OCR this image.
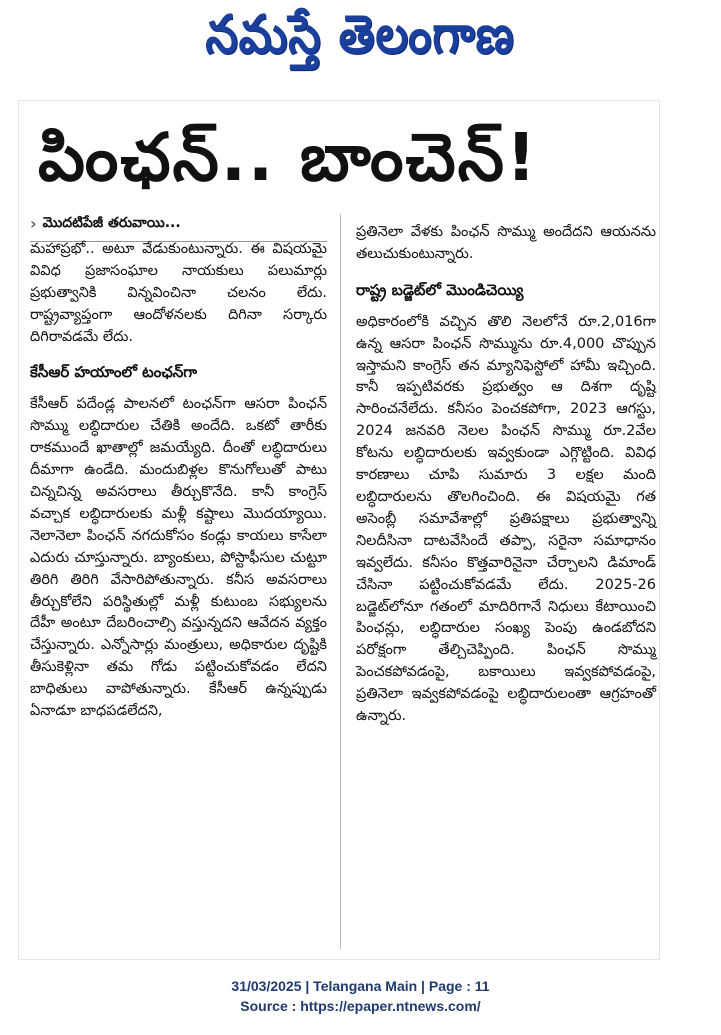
నమస్తే తెలంగాణ
పింఛన్.. బాంచెన్!
› మొదటిపేజీ తరువాయి...

మహాప్రభో.. అటూ వేడుకుంటున్నారు. ఈ విషయమై వివిధ ప్రజాసంఘాల నాయకులు పలుమార్లు ప్రభుత్వానికి విన్నవించినా చలనం లేదు. రాష్ట్రవ్యాప్తంగా ఆందోళనలకు దిగినా సర్కారు దిగిరావడమే లేదు.

కేసీఆర్ హయాంలో టంఛన్‌గా

కేసీఆర్ పదేండ్ల పాలనలో టంఛన్‌గా ఆసరా పింఛన్ సొమ్ము లబ్ధిదారుల చేతికి అందేది. ఒకటో తారీకు రాకముందే ఖాతాల్లో జమయ్యేది. దీంతో లబ్ధిదారులు దీమాగా ఉండేది. మందుబిళ్లల కొనుగోలుతో పాటు చిన్నచిన్న అవసరాలు తీర్చుకొనేది. కానీ కాంగ్రెస్ వచ్చాక లబ్ధిదారులకు మళ్లీ కష్టాలు మొదయ్యాయి. నెలానెలా పింఛన్ నగదుకోసం కండ్లు కాయలు కాసేలా ఎదురు చూస్తున్నారు. బ్యాంకులు, పోస్టాఫీసుల చుట్టూ తిరిగి తిరిగి వేసారిపోతున్నారు. కనీస అవసరాలు తీర్చుకోలేని పరిస్థితుల్లో మళ్లీ కుటుంబ సభ్యులను దేహీ అంటూ దేబరించాల్సి వస్తున్నదని ఆవేదన వ్యక్తం చేస్తున్నారు. ఎన్నోసార్లు మంత్రులు, అధికారుల దృష్టికి తీసుకెళ్లినా తమ గోడు పట్టించుకోవడం లేదని బాధితులు వాపోతున్నారు. కేసీఆర్ ఉన్నప్పుడు ఏనాడూ బాధపడలేదని,

ప్రతినెలా వేళకు పింఛన్ సొమ్ము అందేదని ఆయనను తలుచుకుంటున్నారు.

రాష్ట్ర బడ్జెట్‌లో మొండిచెయ్యి

అధికారంలోకి వచ్చిన తొలి నెలలోనే రూ.2,016గా ఉన్న ఆసరా పింఛన్ సొమ్మును రూ.4,000 చొప్పున ఇస్తామని కాంగ్రెస్ తన మ్యానిఫెస్టోలో హామీ ఇచ్చింది. కానీ ఇప్పటివరకు ప్రభుత్వం ఆ దిశగా దృష్టి సారించనేలేదు. కనీసం పెంచకపోగా, 2023 ఆగస్టు, 2024 జనవరి నెలల పింఛన్ సొమ్ము రూ.2వేల కోటను లబ్ధిదారులకు ఇవ్వకుండా ఎగ్గొట్టింది. వివిధ కారణాలు చూపి సుమారు 3 లక్షల మంది లబ్ధిదారులను తొలగించింది. ఈ విషయమై గత అసెంబ్లీ సమావేశాల్లో ప్రతిపక్షాలు ప్రభుత్వాన్ని నిలదీసినా దాటవేసిందే తప్పా, సరైనా సమాధానం ఇవ్వలేదు. కనీసం కొత్తవారినైనా చేర్చాలని డిమాండ్ చేసినా పట్టించుకోవడమే లేదు. 2025-26 బడ్జెట్‌లోనూ గతంలో మాదిరిగానే నిధులు కేటాయించి పింఛన్లు, లబ్ధిదారుల సంఖ్య పెంపు ఉండబోదని పరోక్షంగా తేల్చిచెప్పింది. పింఛన్ సొమ్ము పెంచకపోవడంపై, బకాయిలు ఇవ్వకపోవడంపై, ప్రతినెలా ఇవ్వకపోవడంపై లబ్ధిదారులంతా ఆగ్రహంతో ఉన్నారు.

31/03/2025 | Telangana Main | Page : 11
Source : https://epaper.ntnews.com/
